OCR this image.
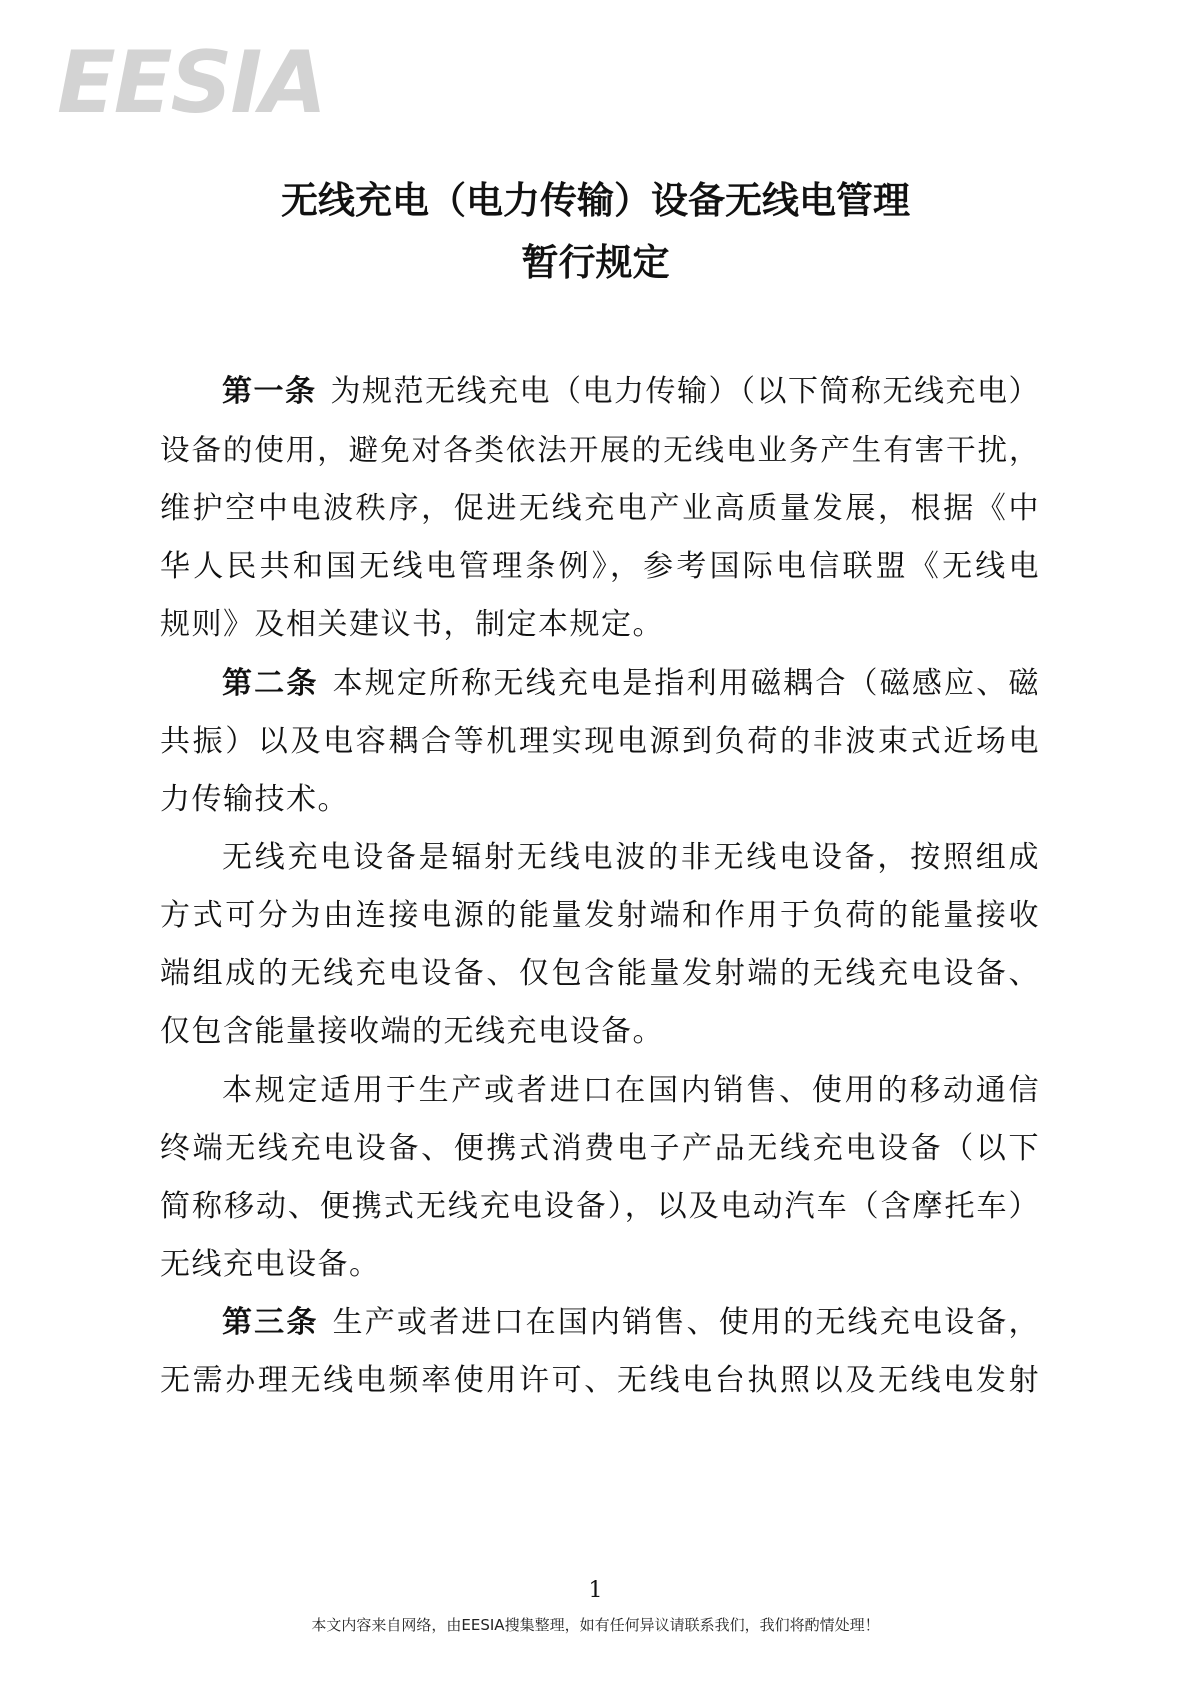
EESIA
无线充电（电力传输）设备无线电管理
暂行规定
第一条 为规范无线充电（电力传输）（以下简称无线充电）
设备的使用，避免对各类依法开展的无线电业务产生有害干扰，
维护空中电波秩序，促进无线充电产业高质量发展，根据《中
华人民共和国无线电管理条例》，参考国际电信联盟《无线电
规则》及相关建议书，制定本规定。
第二条 本规定所称无线充电是指利用磁耦合（磁感应、磁
共振）以及电容耦合等机理实现电源到负荷的非波束式近场电
力传输技术。
无线充电设备是辐射无线电波的非无线电设备，按照组成
方式可分为由连接电源的能量发射端和作用于负荷的能量接收
端组成的无线充电设备、仅包含能量发射端的无线充电设备、
仅包含能量接收端的无线充电设备。
本规定适用于生产或者进口在国内销售、使用的移动通信
终端无线充电设备、便携式消费电子产品无线充电设备（以下
简称移动、便携式无线充电设备），以及电动汽车（含摩托车）
无线充电设备。
第三条 生产或者进口在国内销售、使用的无线充电设备，
无需办理无线电频率使用许可、无线电台执照以及无线电发射
1
本文内容来自网络，由EESIA搜集整理，如有任何异议请联系我们，我们将酌情处理！
